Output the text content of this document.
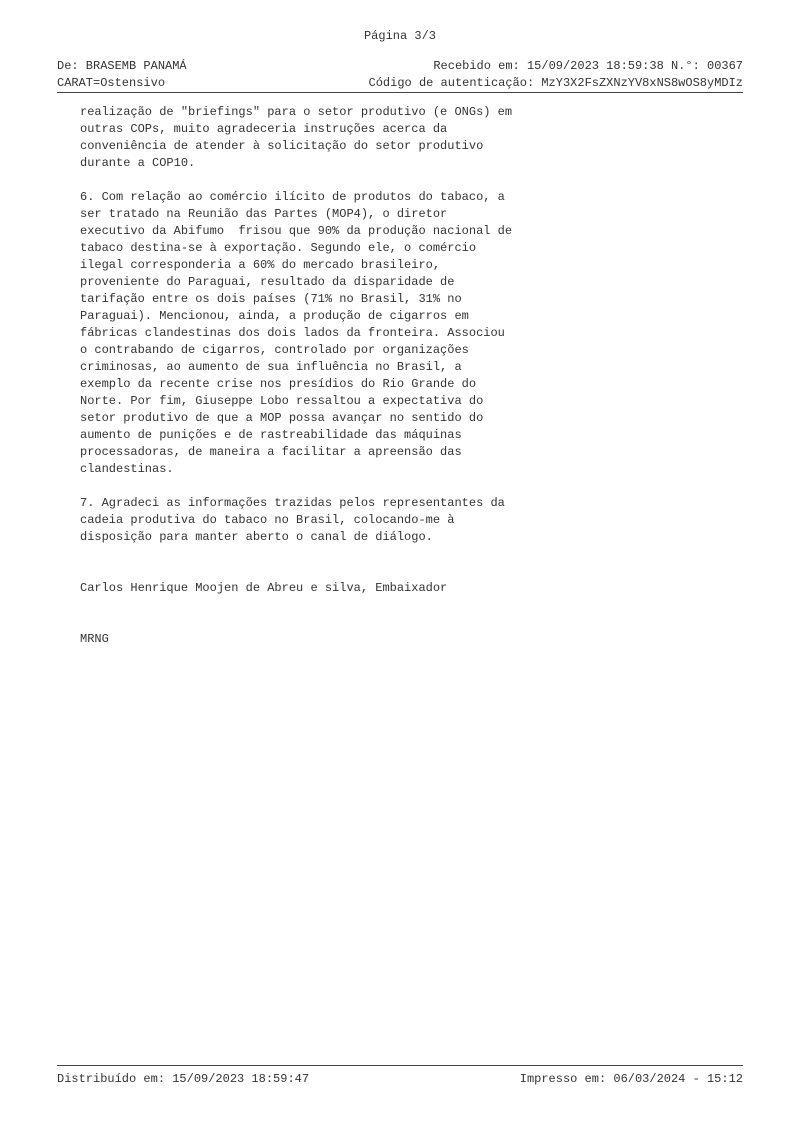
Página 3/3
De: BRASEMB PANAMÁ	Recebido em: 15/09/2023 18:59:38 N.°: 00367
CARAT=Ostensivo	Código de autenticação: MzY3X2FsZXNzYV8xNS8wOS8yMDIz
realização de "briefings" para o setor produtivo (e ONGs) em
outras COPs, muito agradeceria instruções acerca da
conveniência de atender à solicitação do setor produtivo
durante a COP10.
6. Com relação ao comércio ilícito de produtos do tabaco, a
ser tratado na Reunião das Partes (MOP4), o diretor
executivo da Abifumo  frisou que 90% da produção nacional de
tabaco destina-se à exportação. Segundo ele, o comércio
ilegal corresponderia a 60% do mercado brasileiro,
proveniente do Paraguai, resultado da disparidade de
tarifação entre os dois países (71% no Brasil, 31% no
Paraguai). Mencionou, ainda, a produção de cigarros em
fábricas clandestinas dos dois lados da fronteira. Associou
o contrabando de cigarros, controlado por organizações
criminosas, ao aumento de sua influência no Brasil, a
exemplo da recente crise nos presídios do Rio Grande do
Norte. Por fim, Giuseppe Lobo ressaltou a expectativa do
setor produtivo de que a MOP possa avançar no sentido do
aumento de punições e de rastreabilidade das máquinas
processadoras, de maneira a facilitar a apreensão das
clandestinas.
7. Agradeci as informações trazidas pelos representantes da
cadeia produtiva do tabaco no Brasil, colocando-me à
disposição para manter aberto o canal de diálogo.
Carlos Henrique Moojen de Abreu e silva, Embaixador
MRNG
Distribuído em: 15/09/2023 18:59:47	Impresso em: 06/03/2024 - 15:12
